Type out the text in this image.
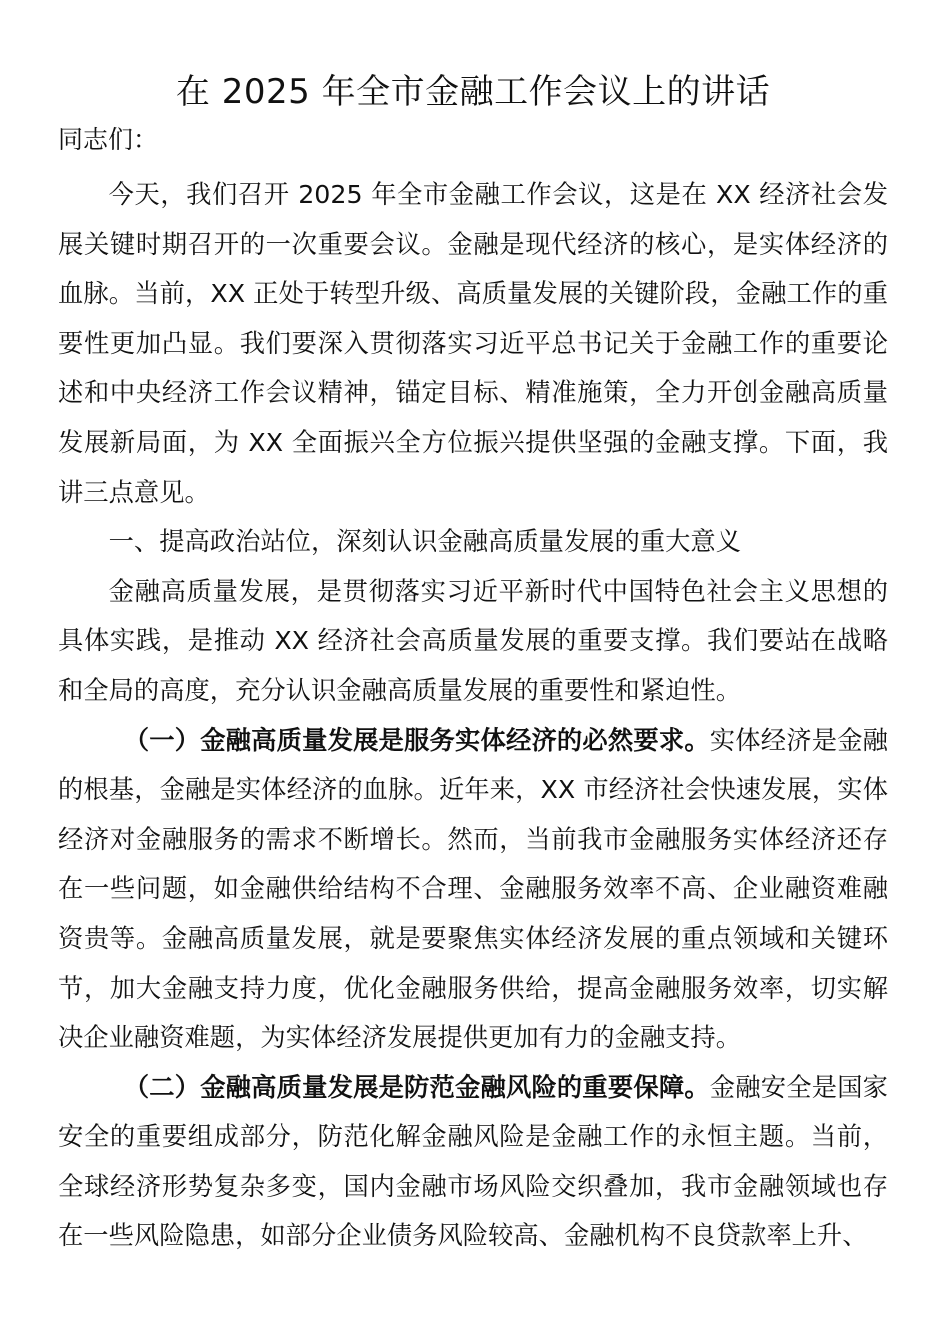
在 2025 年全市金融工作会议上的讲话

同志们：

今天，我们召开 2025 年全市金融工作会议，这是在 XX 经济社会发展关键时期召开的一次重要会议。金融是现代经济的核心，是实体经济的血脉。当前，XX 正处于转型升级、高质量发展的关键阶段，金融工作的重要性更加凸显。我们要深入贯彻落实习近平总书记关于金融工作的重要论述和中央经济工作会议精神，锚定目标、精准施策，全力开创金融高质量发展新局面，为 XX 全面振兴全方位振兴提供坚强的金融支撑。下面，我讲三点意见。

一、提高政治站位，深刻认识金融高质量发展的重大意义

金融高质量发展，是贯彻落实习近平新时代中国特色社会主义思想的具体实践，是推动 XX 经济社会高质量发展的重要支撑。我们要站在战略和全局的高度，充分认识金融高质量发展的重要性和紧迫性。

（一）金融高质量发展是服务实体经济的必然要求。实体经济是金融的根基，金融是实体经济的血脉。近年来，XX 市经济社会快速发展，实体经济对金融服务的需求不断增长。然而，当前我市金融服务实体经济还存在一些问题，如金融供给结构不合理、金融服务效率不高、企业融资难融资贵等。金融高质量发展，就是要聚焦实体经济发展的重点领域和关键环节，加大金融支持力度，优化金融服务供给，提高金融服务效率，切实解决企业融资难题，为实体经济发展提供更加有力的金融支持。

（二）金融高质量发展是防范金融风险的重要保障。金融安全是国家安全的重要组成部分，防范化解金融风险是金融工作的永恒主题。当前，全球经济形势复杂多变，国内金融市场风险交织叠加，我市金融领域也存在一些风险隐患，如部分企业债务风险较高、金融机构不良贷款率上升、
